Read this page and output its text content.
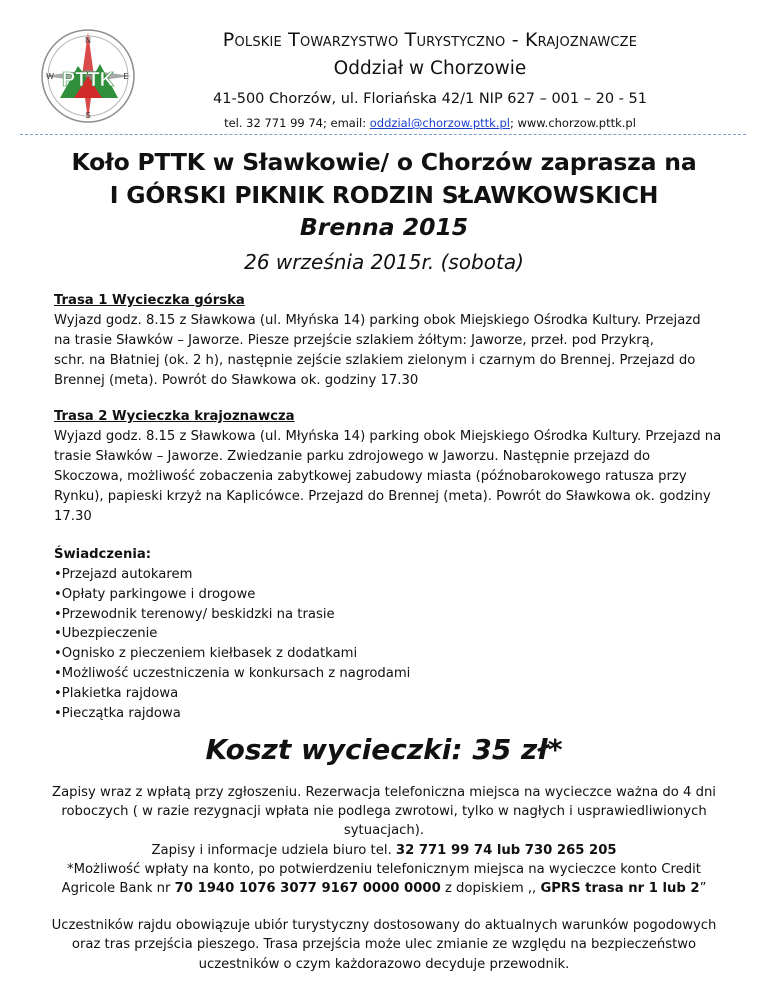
PTTK
N
E
S
W
Polskie Towarzystwo Turystyczno - Krajoznawcze
Oddział w Chorzowie
41-500 Chorzów, ul. Floriańska 42/1 NIP 627 – 001 – 20 - 51
tel. 32 771 99 74; email: oddzial@chorzow.pttk.pl; www.chorzow.pttk.pl
Koło PTTK w Sławkowie/ o Chorzów zaprasza na
I GÓRSKI PIKNIK RODZIN SŁAWKOWSKICH
Brenna 2015
26 września 2015r. (sobota)
Trasa 1 Wycieczka górska
Wyjazd godz. 8.15 z Sławkowa (ul. Młyńska 14) parking obok Miejskiego Ośrodka Kultury. Przejazd
na trasie Sławków – Jaworze. Piesze przejście szlakiem żółtym: Jaworze, przeł. pod Przykrą,
schr. na Błatniej (ok. 2 h), następnie zejście szlakiem zielonym i czarnym do Brennej. Przejazd do
Brennej (meta). Powrót do Sławkowa ok. godziny 17.30
Trasa 2 Wycieczka krajoznawcza
Wyjazd godz. 8.15 z Sławkowa (ul. Młyńska 14) parking obok Miejskiego Ośrodka Kultury. Przejazd na
trasie Sławków – Jaworze. Zwiedzanie parku zdrojowego w Jaworzu. Następnie przejazd do
Skoczowa, możliwość zobaczenia zabytkowej zabudowy miasta (późnobarokowego ratusza przy
Rynku), papieski krzyż na Kaplicówce. Przejazd do Brennej (meta). Powrót do Sławkowa ok. godziny
17.30
Świadczenia:
•Przejazd autokarem
•Opłaty parkingowe i drogowe
•Przewodnik terenowy/ beskidzki na trasie
•Ubezpieczenie
•Ognisko z pieczeniem kiełbasek z dodatkami
•Możliwość uczestniczenia w konkursach z nagrodami
•Plakietka rajdowa
•Pieczątka rajdowa
Koszt wycieczki: 35 zł*

Zapisy wraz z wpłatą przy zgłoszeniu. Rezerwacja telefoniczna miejsca na wycieczce ważna do 4 dni

roboczych ( w razie rezygnacji wpłata nie podlega zwrotowi, tylko w nagłych i usprawiedliwionych

sytuacjach).

Zapisy i informacje udziela biuro tel. 32 771 99 74 lub 730 265 205

*Możliwość wpłaty na konto, po potwierdzeniu telefonicznym miejsca na wycieczce konto Credit

Agricole Bank nr 70 1940 1076 3077 9167 0000 0000 z dopiskiem ,, GPRS trasa nr 1 lub 2”

Uczestników rajdu obowiązuje ubiór turystyczny dostosowany do aktualnych warunków pogodowych

oraz tras przejścia pieszego. Trasa przejścia może ulec zmianie ze względu na bezpieczeństwo

uczestników o czym każdorazowo decyduje przewodnik.
